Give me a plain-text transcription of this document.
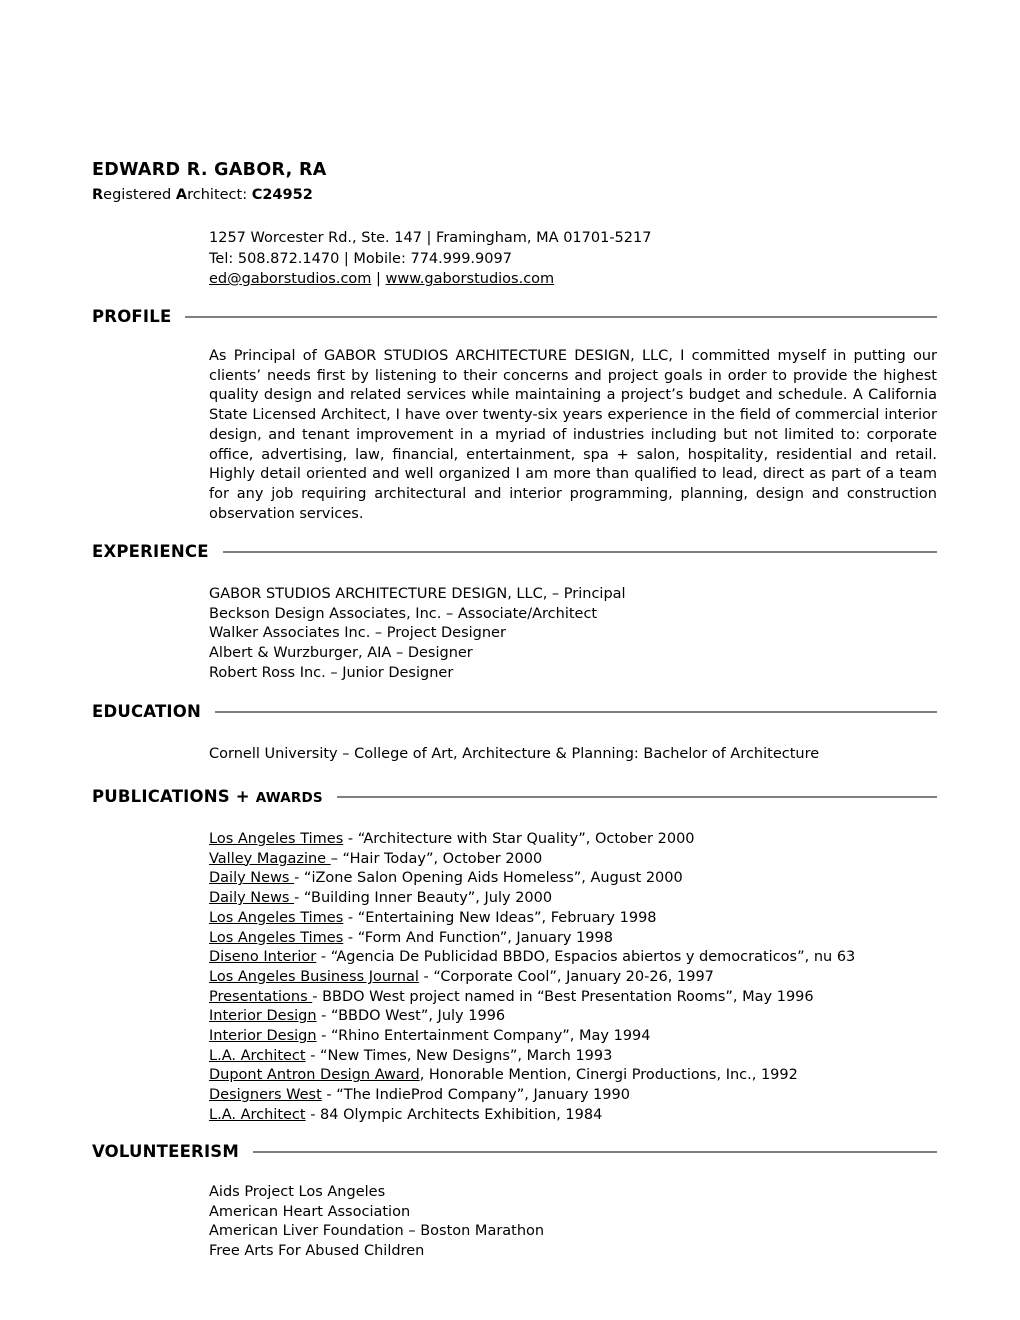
EDWARD R. GABOR, RA
Registered Architect: C24952
1257 Worcester Rd., Ste. 147 | Framingham, MA 01701-5217
Tel: 508.872.1470 | Mobile: 774.999.9097
ed@gaborstudios.com | www.gaborstudios.com
PROFILE
As Principal of GABOR STUDIOS ARCHITECTURE DESIGN, LLC, I committed myself in putting our clients’ needs first by listening to their concerns and project goals in order to provide the highest quality design and related services while maintaining a project’s budget and schedule. A California State Licensed Architect, I have over twenty-six years experience in the field of commercial interior design, and tenant improvement in a myriad of industries including but not limited to: corporate office, advertising, law, financial, entertainment, spa + salon, hospitality, residential and retail. Highly detail oriented and well organized I am more than qualified to lead, direct as part of a team for any job requiring architectural and interior programming, planning, design and construction observation services.
EXPERIENCE
GABOR STUDIOS ARCHITECTURE DESIGN, LLC, – Principal
Beckson Design Associates, Inc. – Associate/Architect
Walker Associates Inc. – Project Designer
Albert & Wurzburger, AIA – Designer
Robert Ross Inc. – Junior Designer
EDUCATION
Cornell University – College of Art, Architecture & Planning: Bachelor of Architecture
PUBLICATIONS + AWARDS
Los Angeles Times - “Architecture with Star Quality”, October 2000
Valley Magazine – “Hair Today”, October 2000
Daily News - “iZone Salon Opening Aids Homeless”, August 2000
Daily News - “Building Inner Beauty”, July 2000
Los Angeles Times - “Entertaining New Ideas”, February 1998
Los Angeles Times - “Form And Function”, January 1998
Diseno Interior - “Agencia De Publicidad BBDO, Espacios abiertos y democraticos”, nu 63
Los Angeles Business Journal - “Corporate Cool”, January 20-26, 1997
Presentations - BBDO West project named in “Best Presentation Rooms”, May 1996
Interior Design - “BBDO West”, July 1996
Interior Design - “Rhino Entertainment Company”, May 1994
L.A. Architect - “New Times, New Designs”, March 1993
Dupont Antron Design Award, Honorable Mention, Cinergi Productions, Inc., 1992
Designers West - “The IndieProd Company”, January 1990
L.A. Architect - 84 Olympic Architects Exhibition, 1984
VOLUNTEERISM
Aids Project Los Angeles
American Heart Association
American Liver Foundation – Boston Marathon
Free Arts For Abused Children
